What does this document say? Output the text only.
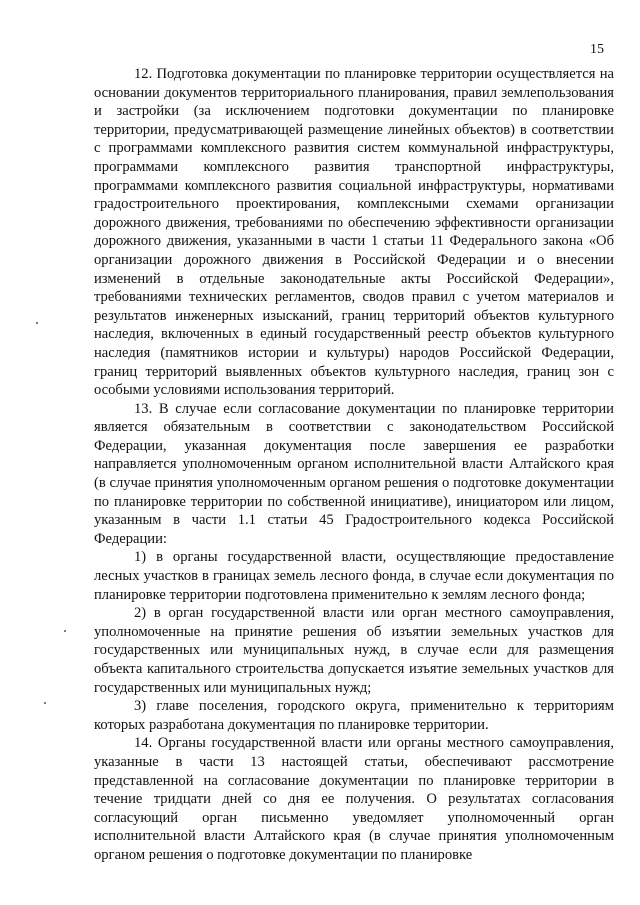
15

12. Подготовка документации по планировке территории осуществляется на основании документов территориального планирования, правил землепользования и застройки (за исключением подготовки документации по планировке территории, предусматривающей размещение линейных объектов) в соответствии с программами комплексного развития систем коммунальной инфраструктуры, программами комплексного развития транспортной инфраструктуры, программами комплексного развития социальной инфраструктуры, нормативами градостроительного проектирования, комплексными схемами организации дорожного движения, требованиями по обеспечению эффективности организации дорожного движения, указанными в части 1 статьи 11 Федерального закона «Об организации дорожного движения в Российской Федерации и о внесении изменений в отдельные законодательные акты Российской Федерации», требованиями технических регламентов, сводов правил с учетом материалов и результатов инженерных изысканий, границ территорий объектов культурного наследия, включенных в единый государственный реестр объектов культурного наследия (памятников истории и культуры) народов Российской Федерации, границ территорий выявленных объектов культурного наследия, границ зон с особыми условиями использования территорий.

13. В случае если согласование документации по планировке территории является обязательным в соответствии с законодательством Российской Федерации, указанная документация после завершения ее разработки направляется уполномоченным органом исполнительной власти Алтайского края (в случае принятия уполномоченным органом решения о подготовке документации по планировке территории по собственной инициативе), инициатором или лицом, указанным в части 1.1 статьи 45 Градостроительного кодекса Российской Федерации:

1) в органы государственной власти, осуществляющие предоставление лесных участков в границах земель лесного фонда, в случае если документация по планировке территории подготовлена применительно к землям лесного фонда;

2) в орган государственной власти или орган местного самоуправления, уполномоченные на принятие решения об изъятии земельных участков для государственных или муниципальных нужд, в случае если для размещения объекта капитального строительства допускается изъятие земельных участков для государственных или муниципальных нужд;

3) главе поселения, городского округа, применительно к территориям которых разработана документация по планировке территории.

14. Органы государственной власти или органы местного самоуправления, указанные в части 13 настоящей статьи, обеспечивают рассмотрение представленной на согласование документации по планировке территории в течение тридцати дней со дня ее получения. О результатах согласования согласующий орган письменно уведомляет уполномоченный орган исполнительной власти Алтайского края (в случае принятия уполномоченным органом решения о подготовке документации по планировке
